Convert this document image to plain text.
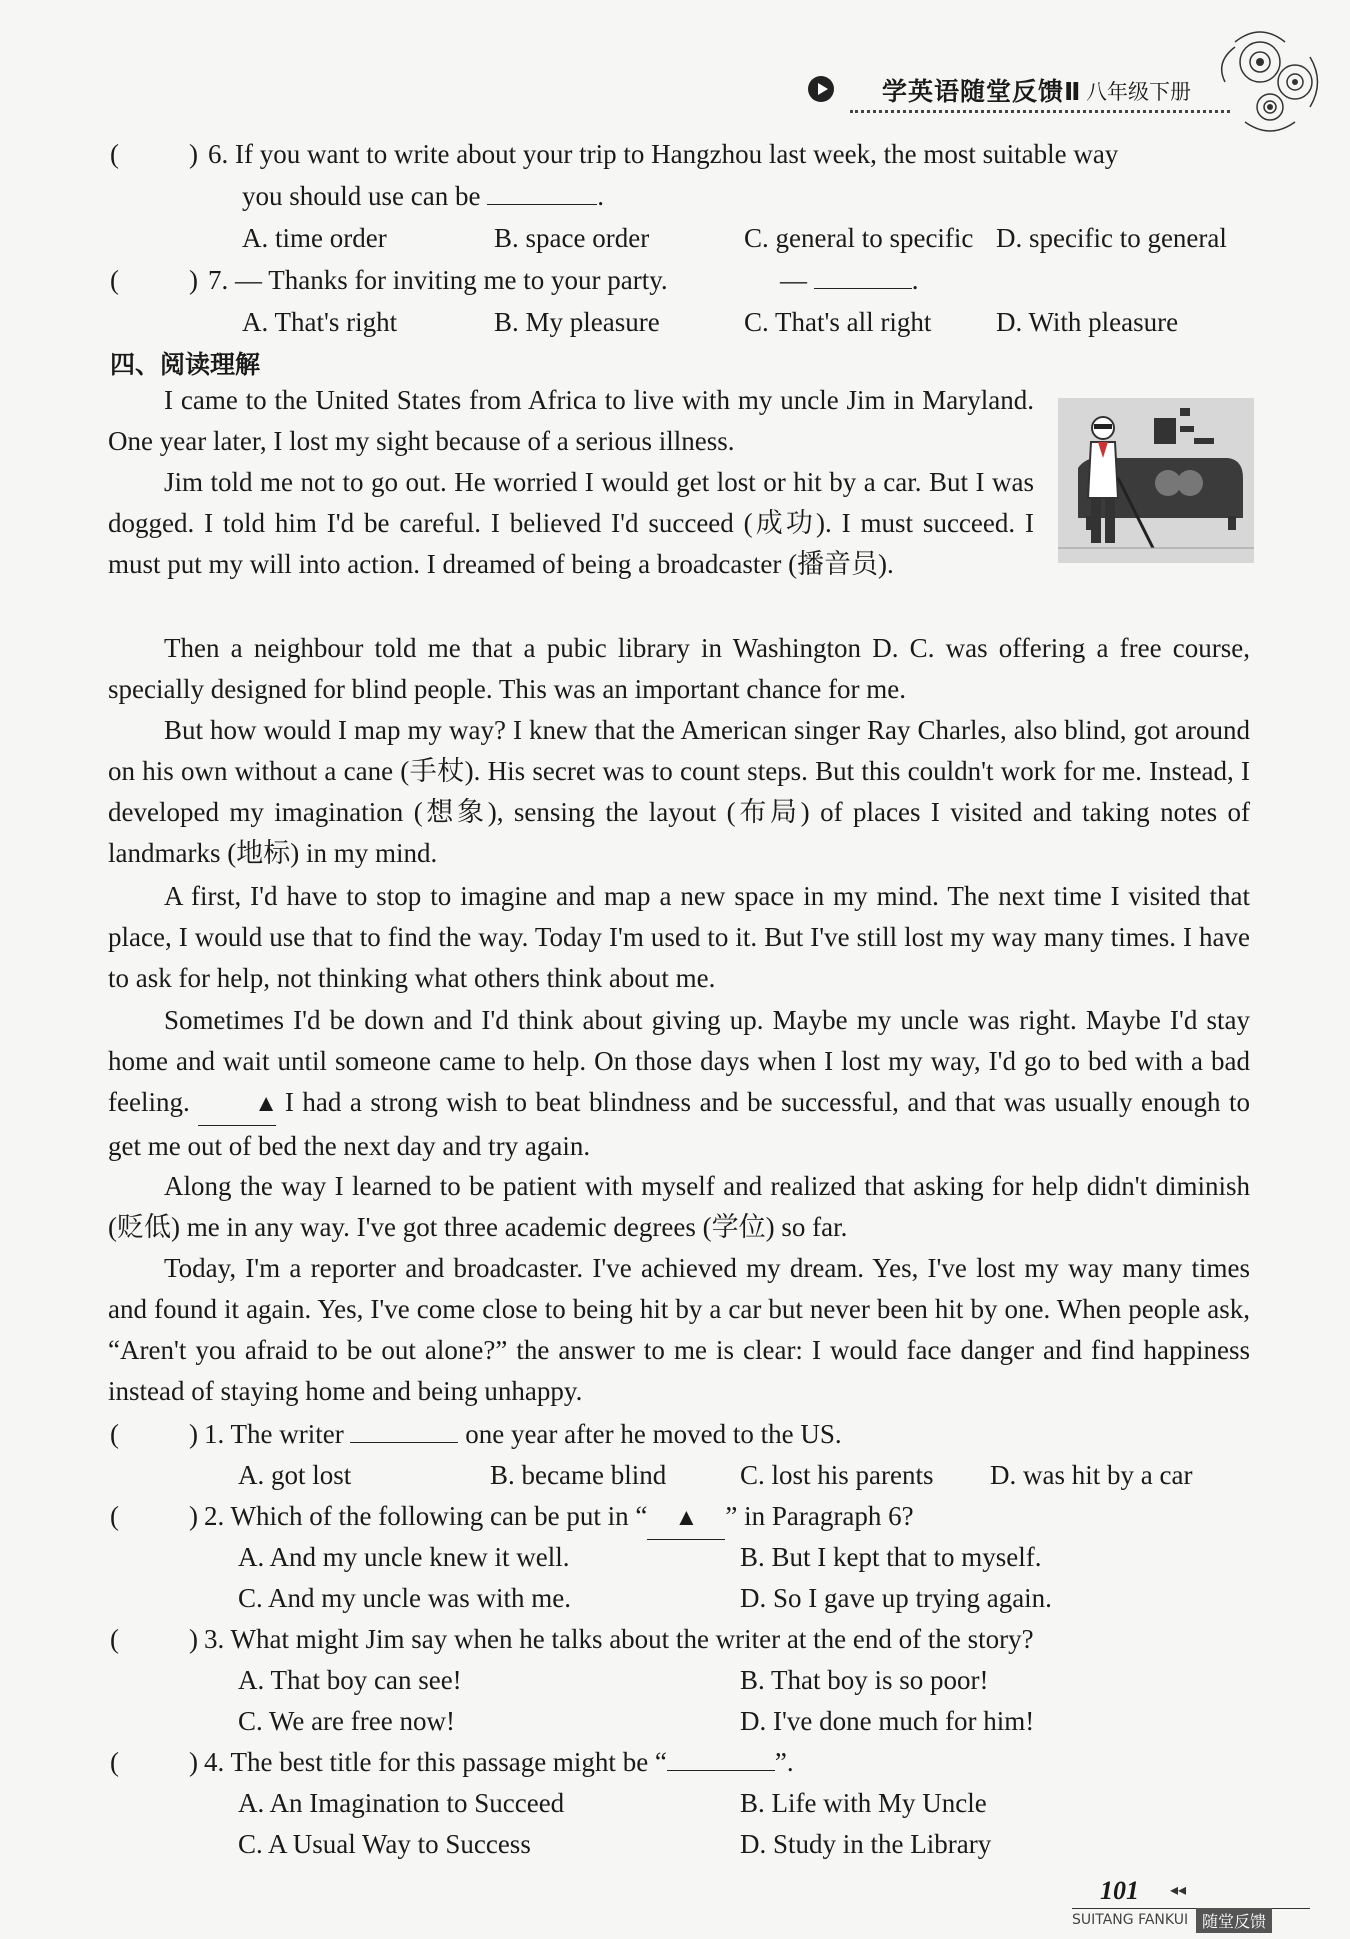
学英语随堂反馈Ⅱ 八年级下册
(	) 6. If you want to write about your trip to Hangzhou last week, the most suitable way
you should use can be	.
A. time order	B. space order	C. general to specific D. specific to general
(	) 7. — Thanks for inviting me to your party.	—	.
A. That's right	B. My pleasure	C. That's all right D. With pleasure
四、阅读理解
I came to the United States from Africa to live with my uncle Jim in Maryland. One year later, I lost my sight because of a serious illness.
Jim told me not to go out. He worried I would get lost or hit by a car. But I was dogged. I told him I'd be careful. I believed I'd succeed (成功). I must succeed. I must put my will into action. I dreamed of being a broadcaster (播音员).
Then a neighbour told me that a pubic library in Washington D. C. was offering a free course, specially designed for blind people. This was an important chance for me.
But how would I map my way? I knew that the American singer Ray Charles, also blind, got around on his own without a cane (手杖). His secret was to count steps. But this couldn't work for me. Instead, I developed my imagination (想象), sensing the layout (布局) of places I visited and taking notes of landmarks (地标) in my mind.
A first, I'd have to stop to imagine and map a new space in my mind. The next time I visited that place, I would use that to find the way. Today I'm used to it. But I've still lost my way many times. I have to ask for help, not thinking what others think about me.
Sometimes I'd be down and I'd think about giving up. Maybe my uncle was right. Maybe I'd stay home and wait until someone came to help. On those days when I lost my way, I'd go to bed with a bad feeling.	▲ I had a strong wish to beat blindness and be successful, and that was usually enough to get me out of bed the next day and try again.
Along the way I learned to be patient with myself and realized that asking for help didn't diminish (贬低) me in any way. I've got three academic degrees (学位) so far.
Today, I'm a reporter and broadcaster. I've achieved my dream. Yes, I've lost my way many times and found it again. Yes, I've come close to being hit by a car but never been hit by one. When people ask, “Aren't you afraid to be out alone?” the answer to me is clear: I would face danger and find happiness instead of staying home and being unhappy.
(	) 1. The writer	one year after he moved to the US.
A. got lost	B. became blind	C. lost his parents D. was hit by a car
(	) 2. Which of the following can be put in “ ▲ ” in Paragraph 6?
A. And my uncle knew it well.	B. But I kept that to myself.
C. And my uncle was with me.	D. So I gave up trying again.
(	) 3. What might Jim say when he talks about the writer at the end of the story?
A. That boy can see!	B. That boy is so poor!
C. We are free now!	D. I've done much for him!
(	) 4. The best title for this passage might be “	”.
A. An Imagination to Succeed	B. Life with My Uncle
C. A Usual Way to Success	D. Study in the Library
101 ◂◂
SUITANG FANKUI 随堂反馈
